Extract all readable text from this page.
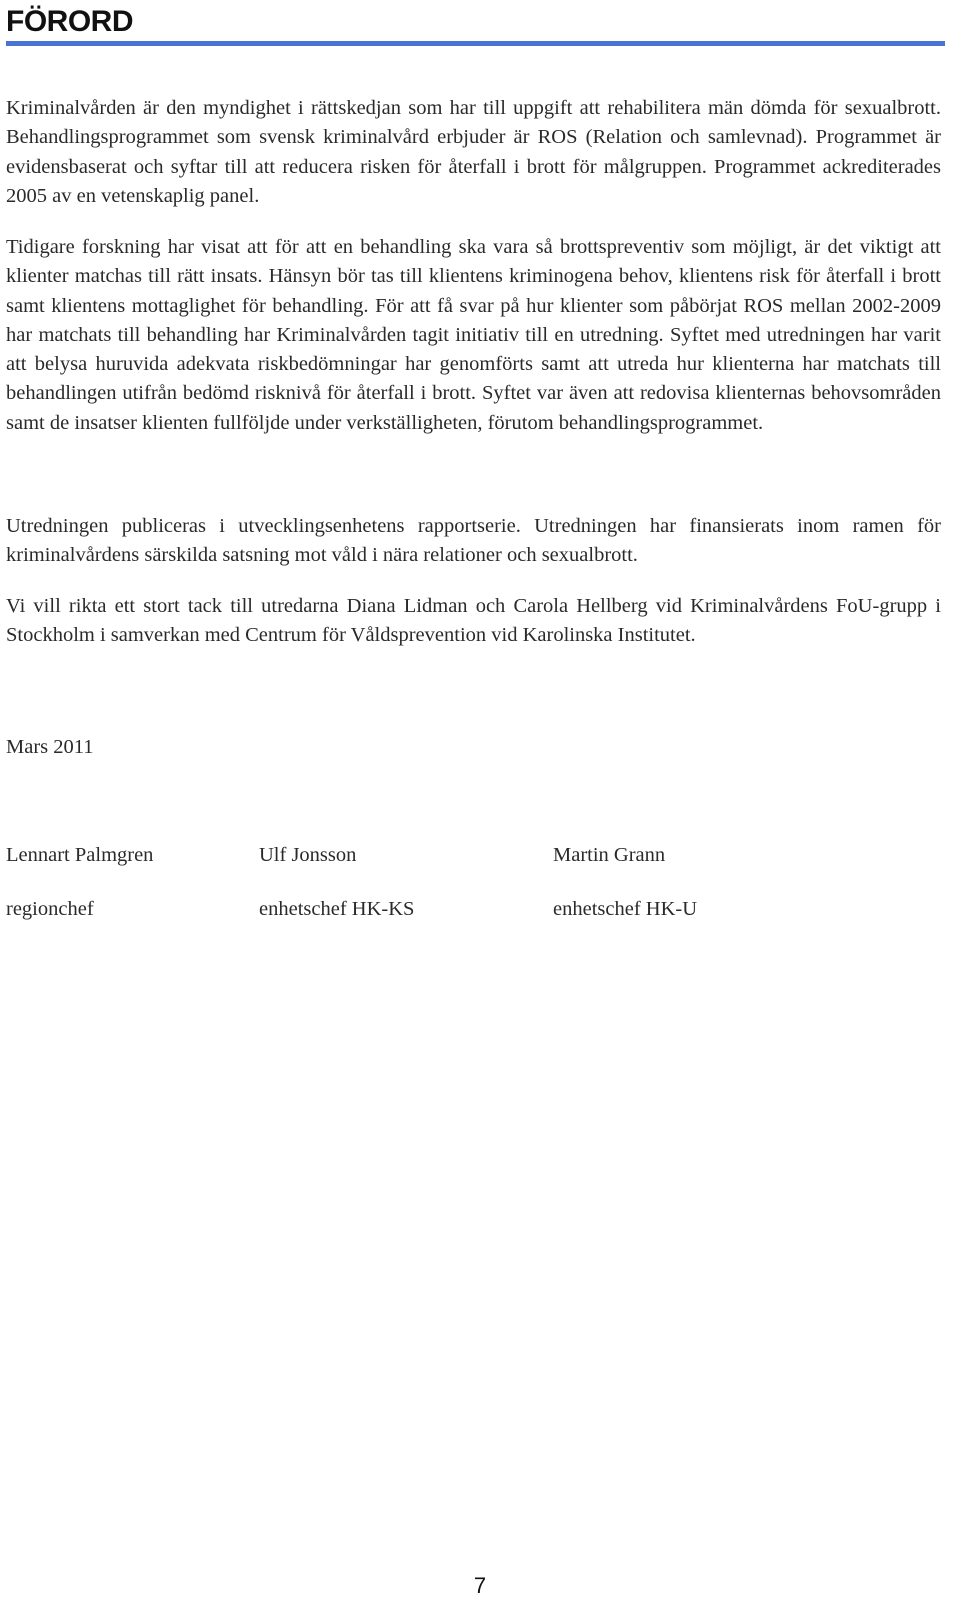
FÖRORD

Kriminalvården är den myndighet i rättskedjan som har till uppgift att rehabilitera män dömda för sexualbrott. Behandlingsprogrammet som svensk kriminalvård erbjuder är ROS (Relation och samlevnad). Programmet är evidensbaserat och syftar till att reducera risken för återfall i brott för målgruppen. Programmet ackrediterades 2005 av en vetenskaplig panel.

Tidigare forskning har visat att för att en behandling ska vara så brottspreventiv som möjligt, är det viktigt att klienter matchas till rätt insats. Hänsyn bör tas till klientens kriminogena behov, klientens risk för återfall i brott samt klientens mottaglighet för behandling. För att få svar på hur klienter som påbörjat ROS mellan 2002-2009 har matchats till behandling har Kriminalvården tagit initiativ till en utredning. Syftet med utredningen har varit att belysa huruvida adekvata riskbedömningar har genomförts samt att utreda hur klienterna har matchats till behandlingen utifrån bedömd risknivå för återfall i brott. Syftet var även att redovisa klienternas behovsområden samt de insatser klienten fullföljde under verkställigheten, förutom behandlingsprogrammet.

Utredningen publiceras i utvecklingsenhetens rapportserie. Utredningen har finansierats inom ramen för kriminalvårdens särskilda satsning mot våld i nära relationer och sexualbrott.

Vi vill rikta ett stort tack till utredarna Diana Lidman och Carola Hellberg vid Kriminalvårdens FoU-grupp i Stockholm i samverkan med Centrum för Våldsprevention vid Karolinska Institutet.

Mars 2011

Lennart Palmgren	Ulf Jonsson	Martin Grann

regionchef	enhetschef HK-KS	enhetschef HK-U

7
